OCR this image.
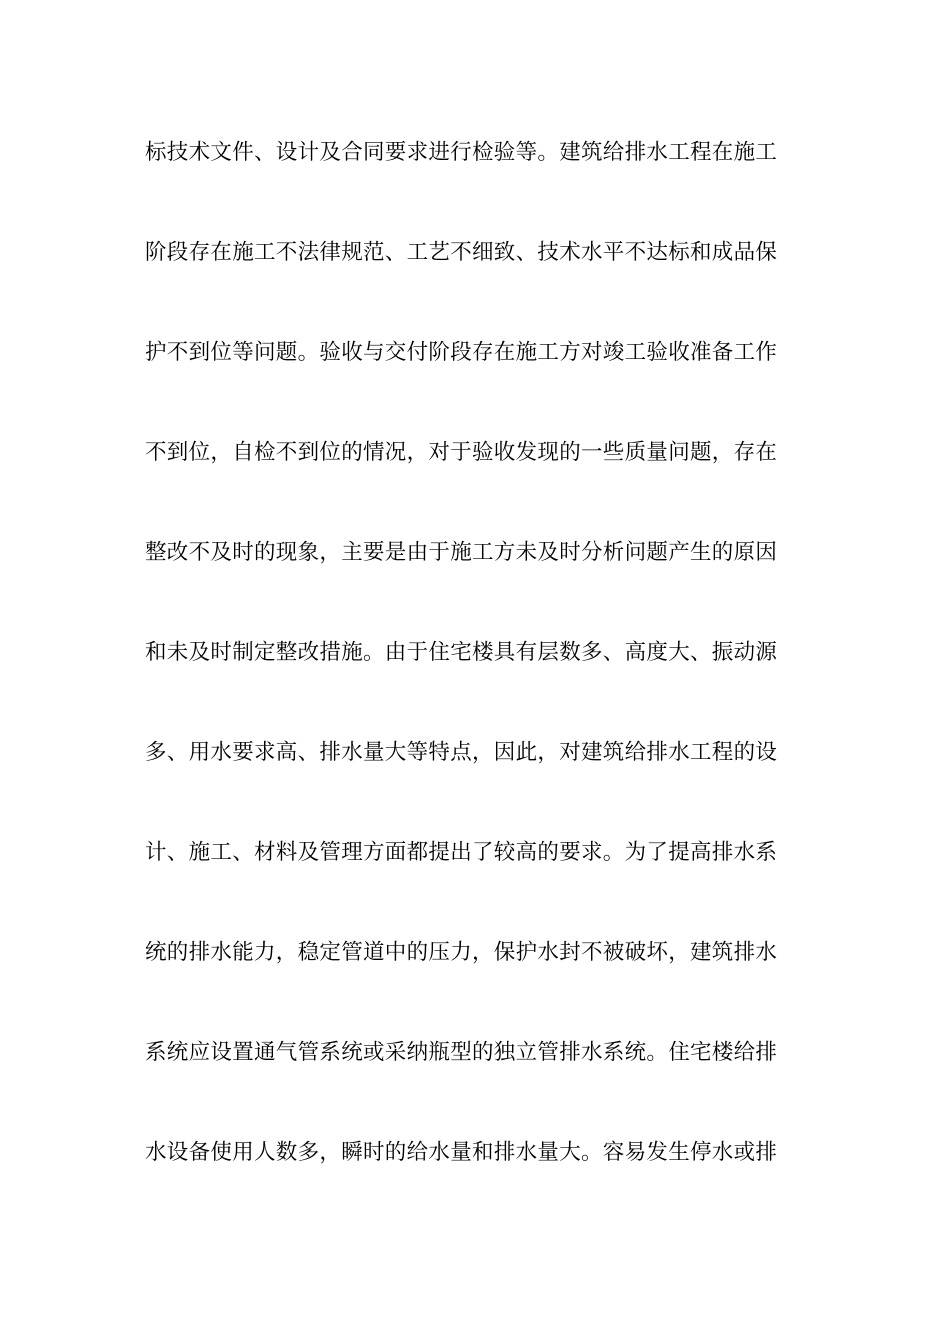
标技术文件、设计及合同要求进行检验等。建筑给排水工程在施工
阶段存在施工不法律规范、工艺不细致、技术水平不达标和成品保
护不到位等问题。验收与交付阶段存在施工方对竣工验收准备工作
不到位，自检不到位的情况，对于验收发现的一些质量问题，存在
整改不及时的现象，主要是由于施工方未及时分析问题产生的原因
和未及时制定整改措施。由于住宅楼具有层数多、高度大、振动源
多、用水要求高、排水量大等特点，因此，对建筑给排水工程的设
计、施工、材料及管理方面都提出了较高的要求。为了提高排水系
统的排水能力，稳定管道中的压力，保护水封不被破坏，建筑排水
系统应设置通气管系统或采纳瓶型的独立管排水系统。住宅楼给排
水设备使用人数多，瞬时的给水量和排水量大。容易发生停水或排
